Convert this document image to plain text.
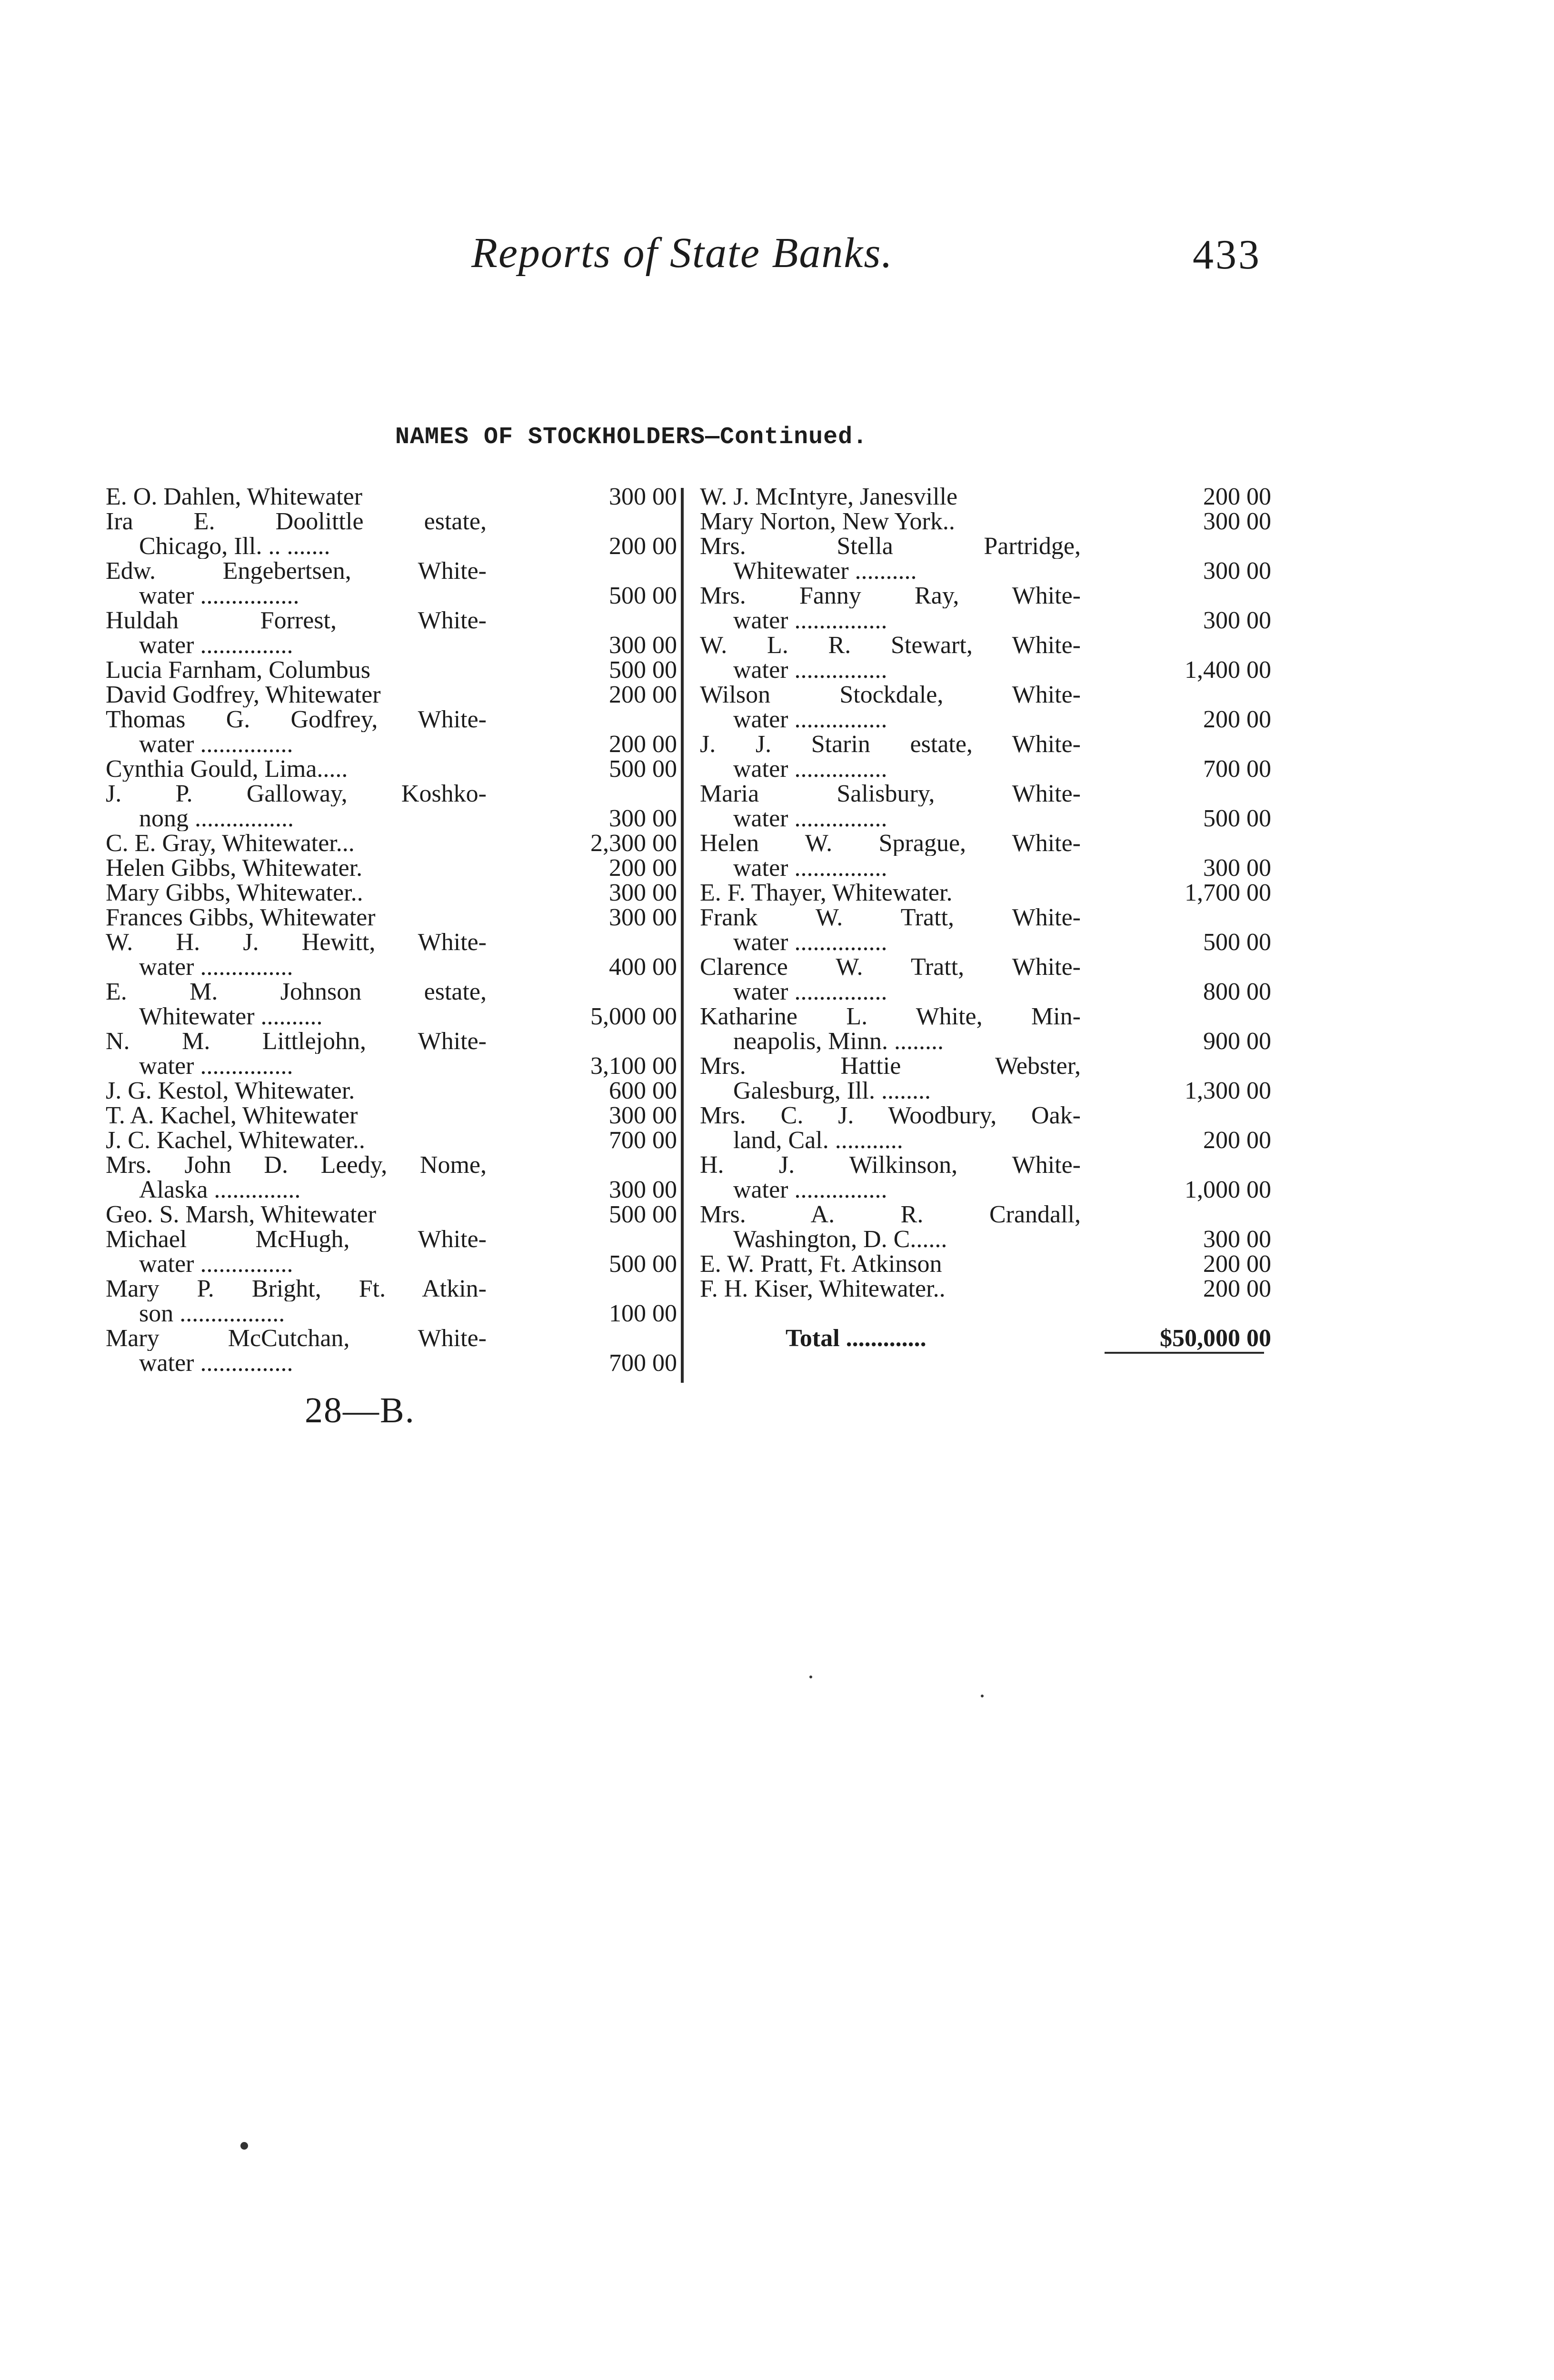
Reports of State Banks.	433
NAMES OF STOCKHOLDERS—Continued.
E. O. Dahlen, Whitewater	300 00
Ira E. Doolittle estate,
Chicago, Ill. .. .......	200 00
Edw. Engebertsen, White-
water ................	500 00
Huldah Forrest, White-
water ...............	300 00
Lucia Farnham, Columbus	500 00
David Godfrey, Whitewater	200 00
Thomas G. Godfrey, White-
water ...............	200 00
Cynthia Gould, Lima.....	500 00
J. P. Galloway, Koshko-
nong ................	300 00
C. E. Gray, Whitewater...	2,300 00
Helen Gibbs, Whitewater.	200 00
Mary Gibbs, Whitewater..	300 00
Frances Gibbs, Whitewater	300 00
W. H. J. Hewitt, White-
water ...............	400 00
E. M. Johnson estate,
Whitewater ..........	5,000 00
N. M. Littlejohn, White-
water ...............	3,100 00
J. G. Kestol, Whitewater.	600 00
T. A. Kachel, Whitewater	300 00
J. C. Kachel, Whitewater..	700 00
Mrs. John D. Leedy, Nome,
Alaska ..............	300 00
Geo. S. Marsh, Whitewater	500 00
Michael McHugh, White-
water ...............	500 00
Mary P. Bright, Ft. Atkin-
son .................	100 00
Mary McCutchan, White-
water ...............	700 00
W. J. McIntyre, Janesville	200 00
Mary Norton, New York..	300 00
Mrs. Stella Partridge,
Whitewater ..........	300 00
Mrs. Fanny Ray, White-
water ...............	300 00
W. L. R. Stewart, White-
water ...............	1,400 00
Wilson Stockdale, White-
water ...............	200 00
J. J. Starin estate, White-
water ...............	700 00
Maria Salisbury, White-
water ...............	500 00
Helen W. Sprague, White-
water ...............	300 00
E. F. Thayer, Whitewater.	1,700 00
Frank W. Tratt, White-
water ...............	500 00
Clarence W. Tratt, White-
water ...............	800 00
Katharine L. White, Min-
neapolis, Minn. ........	900 00
Mrs. Hattie Webster,
Galesburg, Ill. ........	1,300 00
Mrs. C. J. Woodbury, Oak-
land, Cal. ...........	200 00
H. J. Wilkinson, White-
water ...............	1,000 00
Mrs. A. R. Crandall,
Washington, D. C......	300 00
E. W. Pratt, Ft. Atkinson	200 00
F. H. Kiser, Whitewater..	200 00
Total .............	$50,000 00
28—B.
